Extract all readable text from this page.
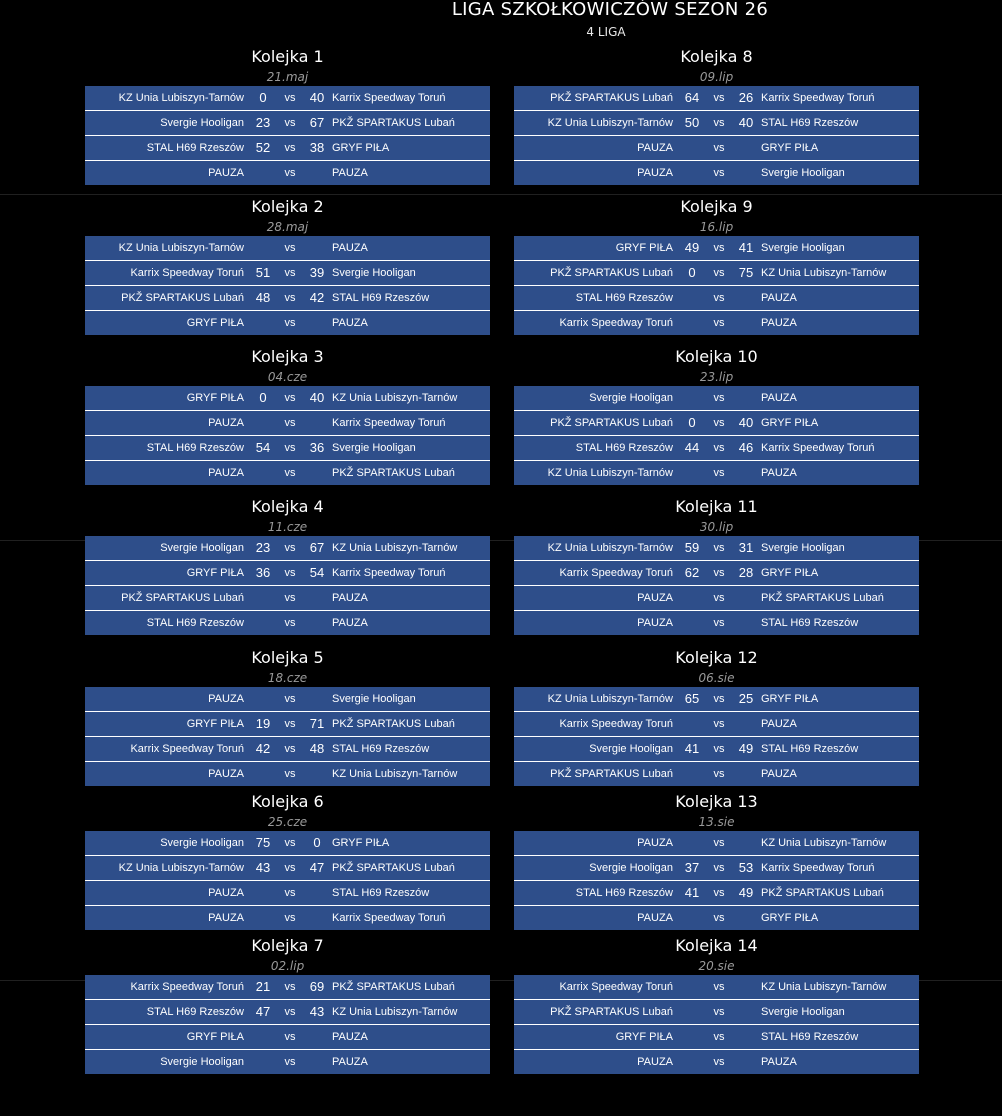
LIGA SZKOŁKOWICZÓW SEZON 26
4 LIGA
Kolejka 1
21.maj
KZ Unia Lubiszyn-Tarnów	0	vs	40 Karrix Speedway Toruń
Svergie Hooligan 23	vs	67 PKŽ SPARTAKUS Lubań
STAL H69 Rzeszów 52	vs	38 GRYF PIŁA
PAUZA	vs	PAUZA
Kolejka 8
09.lip
PKŽ SPARTAKUS Lubań 64	vs	26 Karrix Speedway Toruń
KZ Unia Lubiszyn-Tarnów 50	vs	40 STAL H69 Rzeszów
PAUZA	vs	GRYF PIŁA
PAUZA	vs	Svergie Hooligan
Kolejka 2
28.maj
KZ Unia Lubiszyn-Tarnów	vs	PAUZA
Karrix Speedway Toruń 51	vs	39 Svergie Hooligan
PKŽ SPARTAKUS Lubań 48	vs	42 STAL H69 Rzeszów
GRYF PIŁA	vs	PAUZA
Kolejka 9
16.lip
GRYF PIŁA 49	vs	41 Svergie Hooligan
PKŽ SPARTAKUS Lubań	0	vs	75 KZ Unia Lubiszyn-Tarnów
STAL H69 Rzeszów	vs	PAUZA
Karrix Speedway Toruń	vs	PAUZA
Kolejka 3
04.cze
GRYF PIŁA	0	vs	40 KZ Unia Lubiszyn-Tarnów
PAUZA	vs	Karrix Speedway Toruń
STAL H69 Rzeszów 54	vs	36 Svergie Hooligan
PAUZA	vs	PKŽ SPARTAKUS Lubań
Kolejka 10
23.lip
Svergie Hooligan	vs	PAUZA
PKŽ SPARTAKUS Lubań	0	vs	40 GRYF PIŁA
STAL H69 Rzeszów 44	vs	46 Karrix Speedway Toruń
KZ Unia Lubiszyn-Tarnów	vs	PAUZA
Kolejka 4
11.cze
Svergie Hooligan 23	vs	67 KZ Unia Lubiszyn-Tarnów
GRYF PIŁA 36	vs	54 Karrix Speedway Toruń
PKŽ SPARTAKUS Lubań	vs	PAUZA
STAL H69 Rzeszów	vs	PAUZA
Kolejka 11
30.lip
KZ Unia Lubiszyn-Tarnów 59	vs	31 Svergie Hooligan
Karrix Speedway Toruń 62	vs	28 GRYF PIŁA
PAUZA	vs	PKŽ SPARTAKUS Lubań
PAUZA	vs	STAL H69 Rzeszów
Kolejka 5
18.cze
PAUZA	vs	Svergie Hooligan
GRYF PIŁA 19	vs	71 PKŽ SPARTAKUS Lubań
Karrix Speedway Toruń 42	vs	48 STAL H69 Rzeszów
PAUZA	vs	KZ Unia Lubiszyn-Tarnów
Kolejka 12
06.sie
KZ Unia Lubiszyn-Tarnów 65	vs	25 GRYF PIŁA
Karrix Speedway Toruń	vs	PAUZA
Svergie Hooligan 41	vs	49 STAL H69 Rzeszów
PKŽ SPARTAKUS Lubań	vs	PAUZA
Kolejka 6
25.cze
Svergie Hooligan 75	vs	0	GRYF PIŁA
KZ Unia Lubiszyn-Tarnów 43	vs	47 PKŽ SPARTAKUS Lubań
PAUZA	vs	STAL H69 Rzeszów
PAUZA	vs	Karrix Speedway Toruń
Kolejka 13
13.sie
PAUZA	vs	KZ Unia Lubiszyn-Tarnów
Svergie Hooligan 37	vs	53 Karrix Speedway Toruń
STAL H69 Rzeszów 41	vs	49 PKŽ SPARTAKUS Lubań
PAUZA	vs	GRYF PIŁA
Kolejka 7
02.lip
Karrix Speedway Toruń 21	vs	69 PKŽ SPARTAKUS Lubań
STAL H69 Rzeszów 47	vs	43 KZ Unia Lubiszyn-Tarnów
GRYF PIŁA	vs	PAUZA
Svergie Hooligan	vs	PAUZA
Kolejka 14
20.sie
Karrix Speedway Toruń	vs	KZ Unia Lubiszyn-Tarnów
PKŽ SPARTAKUS Lubań	vs	Svergie Hooligan
GRYF PIŁA	vs	STAL H69 Rzeszów
PAUZA	vs	PAUZA
